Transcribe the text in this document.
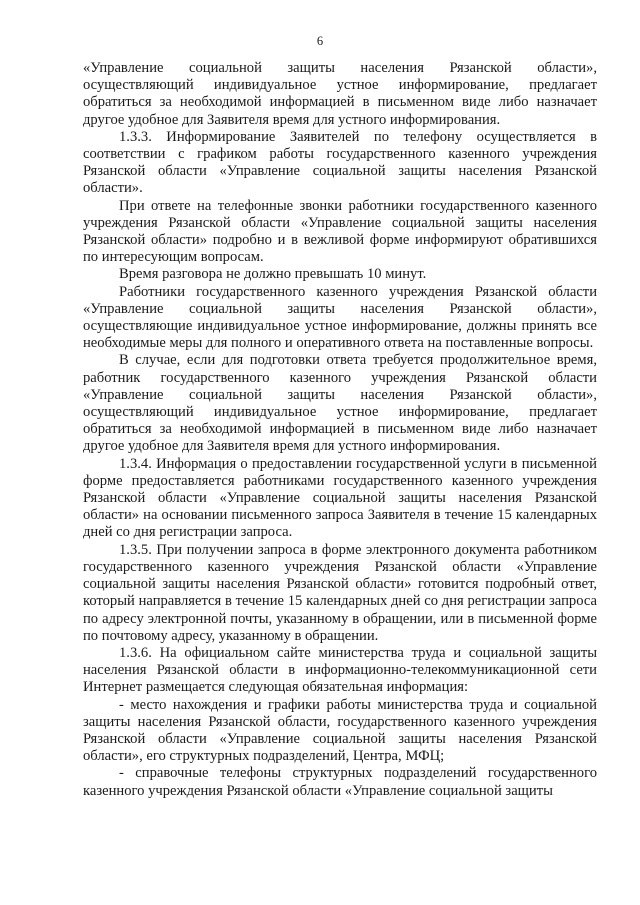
6

«Управление социальной защиты населения Рязанской области», осуществляющий индивидуальное устное информирование, предлагает обратиться за необходимой информацией в письменном виде либо назначает другое удобное для Заявителя время для устного информирования.

1.3.3. Информирование Заявителей по телефону осуществляется в соответствии с графиком работы государственного казенного учреждения Рязанской области «Управление социальной защиты населения Рязанской области».

При ответе на телефонные звонки работники государственного казенного учреждения Рязанской области «Управление социальной защиты населения Рязанской области» подробно и в вежливой форме информируют обратившихся по интересующим вопросам.

Время разговора не должно превышать 10 минут.

Работники государственного казенного учреждения Рязанской области «Управление социальной защиты населения Рязанской области», осуществляющие индивидуальное устное информирование, должны принять все необходимые меры для полного и оперативного ответа на поставленные вопросы.

В случае, если для подготовки ответа требуется продолжительное время, работник государственного казенного учреждения Рязанской области «Управление социальной защиты населения Рязанской области», осуществляющий индивидуальное устное информирование, предлагает обратиться за необходимой информацией в письменном виде либо назначает другое удобное для Заявителя время для устного информирования.

1.3.4. Информация о предоставлении государственной услуги в письменной форме предоставляется работниками государственного казенного учреждения Рязанской области «Управление социальной защиты населения Рязанской области» на основании письменного запроса Заявителя в течение 15 календарных дней со дня регистрации запроса.

1.3.5. При получении запроса в форме электронного документа работником государственного казенного учреждения Рязанской области «Управление социальной защиты населения Рязанской области» готовится подробный ответ, который направляется в течение 15 календарных дней со дня регистрации запроса по адресу электронной почты, указанному в обращении, или в письменной форме по почтовому адресу, указанному в обращении.

1.3.6. На официальном сайте министерства труда и социальной защиты населения Рязанской области в информационно-телекоммуникационной сети Интернет размещается следующая обязательная информация:

- место нахождения и графики работы министерства труда и социальной защиты населения Рязанской области, государственного казенного учреждения Рязанской области «Управление социальной защиты населения Рязанской области», его структурных подразделений, Центра, МФЦ;

- справочные телефоны структурных подразделений государственного казенного учреждения Рязанской области «Управление социальной защиты
